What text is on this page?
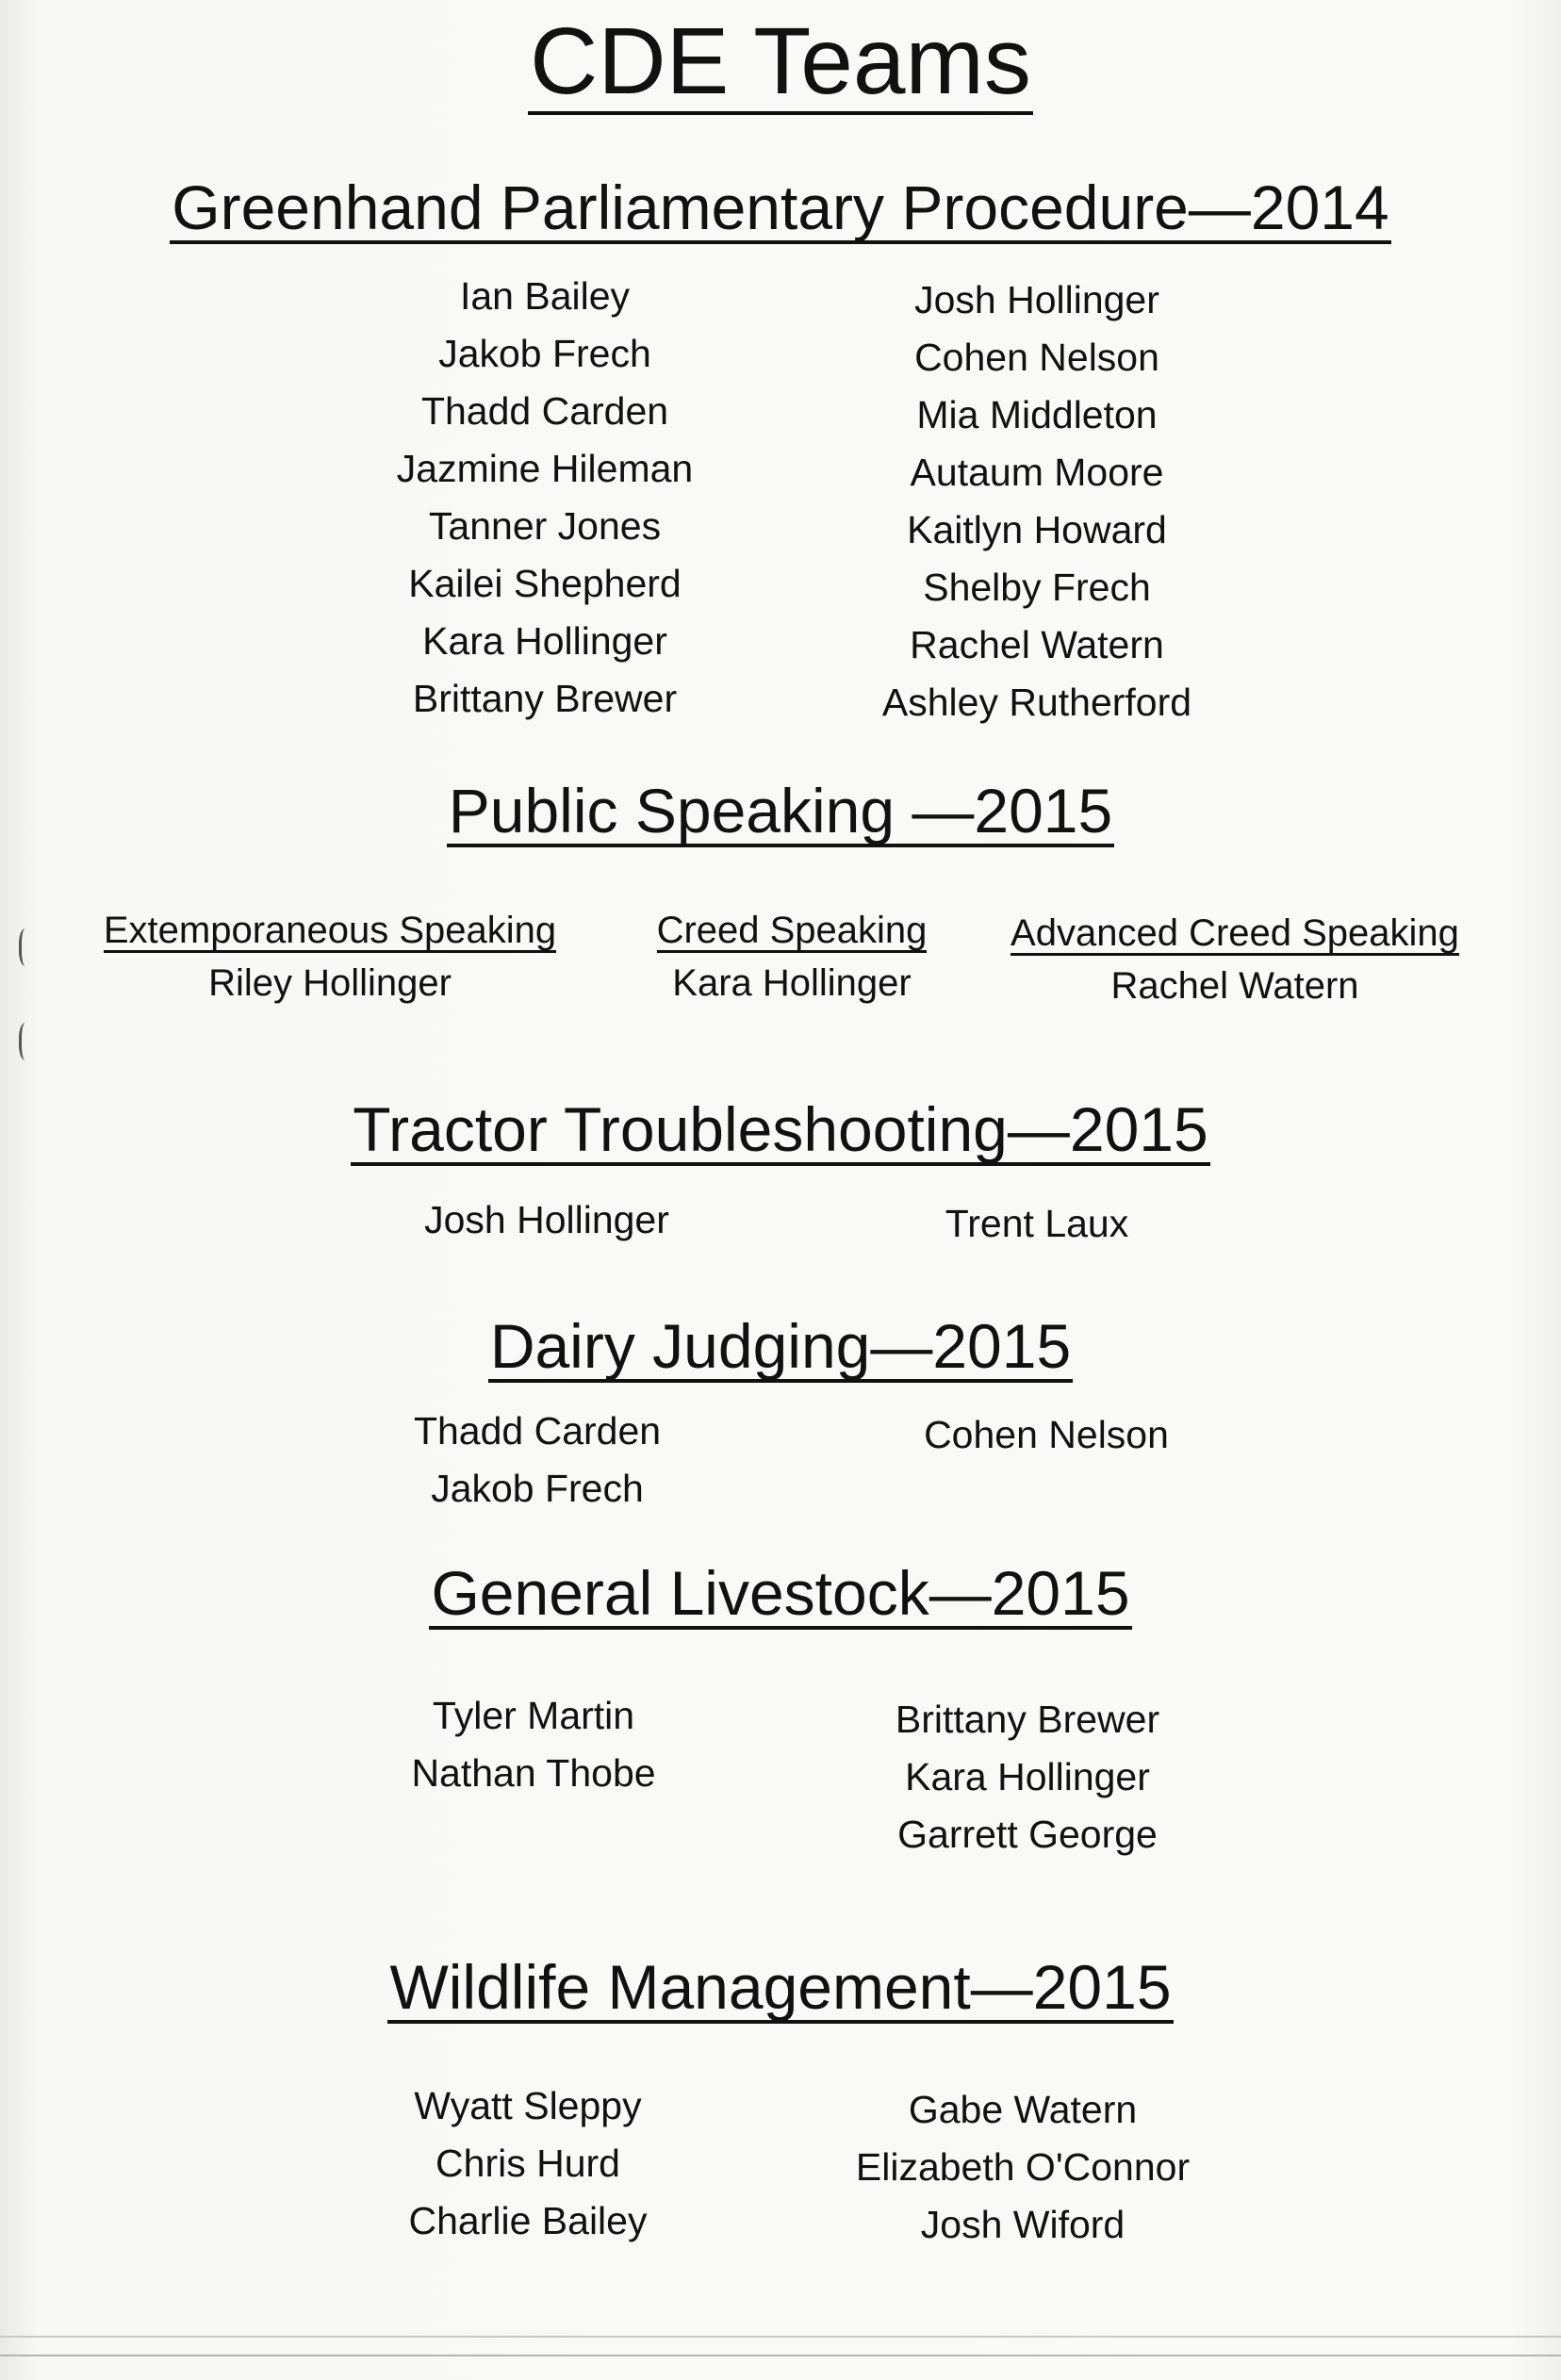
CDE Teams
Greenhand Parliamentary Procedure—2014
Ian Bailey
Jakob Frech
Thadd Carden
Jazmine Hileman
Tanner Jones
Kailei Shepherd
Kara Hollinger
Brittany Brewer
Josh Hollinger
Cohen Nelson
Mia Middleton
Autaum Moore
Kaitlyn Howard
Shelby Frech
Rachel Watern
Ashley Rutherford
Public Speaking —2015
Extemporaneous Speaking
Riley Hollinger
Creed Speaking
Kara Hollinger
Advanced Creed Speaking
Rachel Watern
Tractor Troubleshooting—2015
Josh Hollinger	Trent Laux
Dairy Judging—2015
Thadd Carden
Jakob Frech
Cohen Nelson
General Livestock—2015
Tyler Martin
Nathan Thobe
Brittany Brewer
Kara Hollinger
Garrett George
Wildlife Management—2015
Wyatt Sleppy
Chris Hurd
Charlie Bailey
Gabe Watern
Elizabeth O'Connor
Josh Wiford
